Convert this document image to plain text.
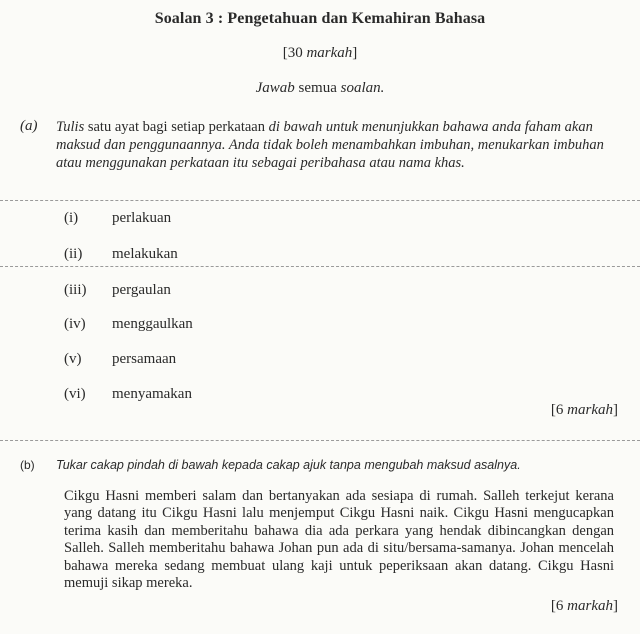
Soalan 3 : Pengetahuan dan Kemahiran Bahasa
[30 markah]
Jawab semua soalan.
(a) Tulis satu ayat bagi setiap perkataan di bawah untuk menunjukkan bahawa anda faham akan maksud dan penggunaannya. Anda tidak boleh menambahkan imbuhan, menukarkan imbuhan atau menggunakan perkataan itu sebagai peribahasa atau nama khas.
(i) perlakuan
(ii) melakukan
(iii) pergaulan
(iv) menggaulkan
(v) persamaan
(vi) menyamakan
[6 markah]
(b) Tukar cakap pindah di bawah kepada cakap ajuk tanpa mengubah maksud asalnya.
Cikgu Hasni memberi salam dan bertanyakan ada sesiapa di rumah. Salleh terkejut kerana yang datang itu Cikgu Hasni lalu menjemput Cikgu Hasni naik. Cikgu Hasni mengucapkan terima kasih dan memberitahu bahawa dia ada perkara yang hendak dibincangkan dengan Salleh. Salleh memberitahu bahawa Johan pun ada di situ/bersama-samanya. Johan mencelah bahawa mereka sedang membuat ulang kaji untuk peperiksaan akan datang. Cikgu Hasni memuji sikap mereka.
[6 markah]
